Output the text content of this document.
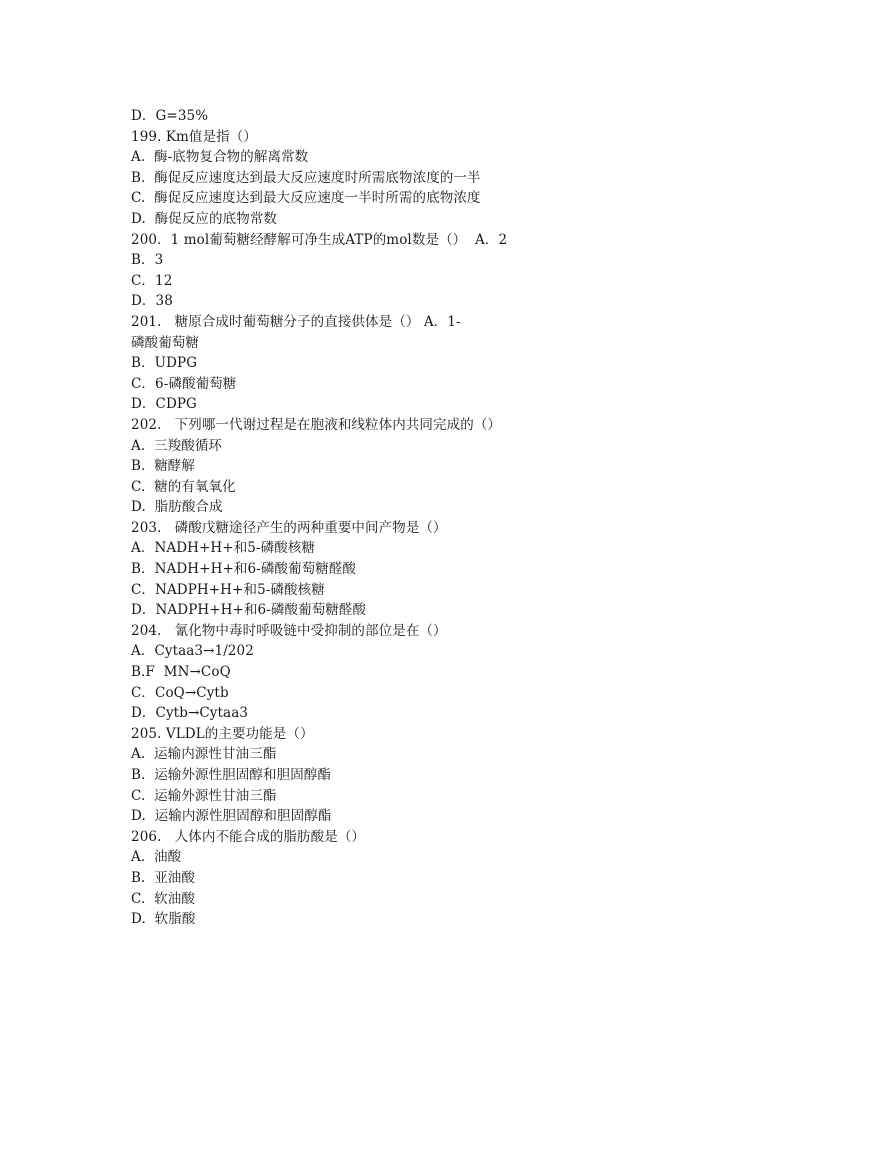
D．G=35%
199. Km值是指（）
A.  酶-底物复合物的解离常数
B.  酶促反应速度达到最大反应速度时所需底物浓度的一半
C.  酶促反应速度达到最大反应速度一半时所需的底物浓度
D.  酶促反应的底物常数
200．1 mol葡萄糖经酵解可净生成ATP的mol数是（）  A．2
B．3
C．12
D．38
201.   糖原合成时葡萄糖分子的直接供体是（） A．1-
磷酸葡萄糖
B．UDPG
C．6-磷酸葡萄糖
D．CDPG
202.   下列哪一代谢过程是在胞液和线粒体内共同完成的（）
A.  三羧酸循环
B.  糖酵解
C.  糖的有氧氧化
D.  脂肪酸合成
203.   磷酸戊糖途径产生的两种重要中间产物是（）
A．NADH+H+和5-磷酸核糖
B．NADH+H+和6-磷酸葡萄糖醛酸
C．NADPH+H+和5-磷酸核糖
D．NADPH+H+和6-磷酸葡萄糖醛酸
204.   氰化物中毒时呼吸链中受抑制的部位是在（）
A．Cytaa3→1/202
B.F  MN→CoQ
C．CoQ→Cytb
D．Cytb→Cytaa3
205. VLDL的主要功能是（）
A.  运输内源性甘油三酯
B.  运输外源性胆固醇和胆固醇酯
C.  运输外源性甘油三酯
D.  运输内源性胆固醇和胆固醇酯
206.   人体内不能合成的脂肪酸是（）
A.  油酸
B.  亚油酸
C.  软油酸
D.  软脂酸
